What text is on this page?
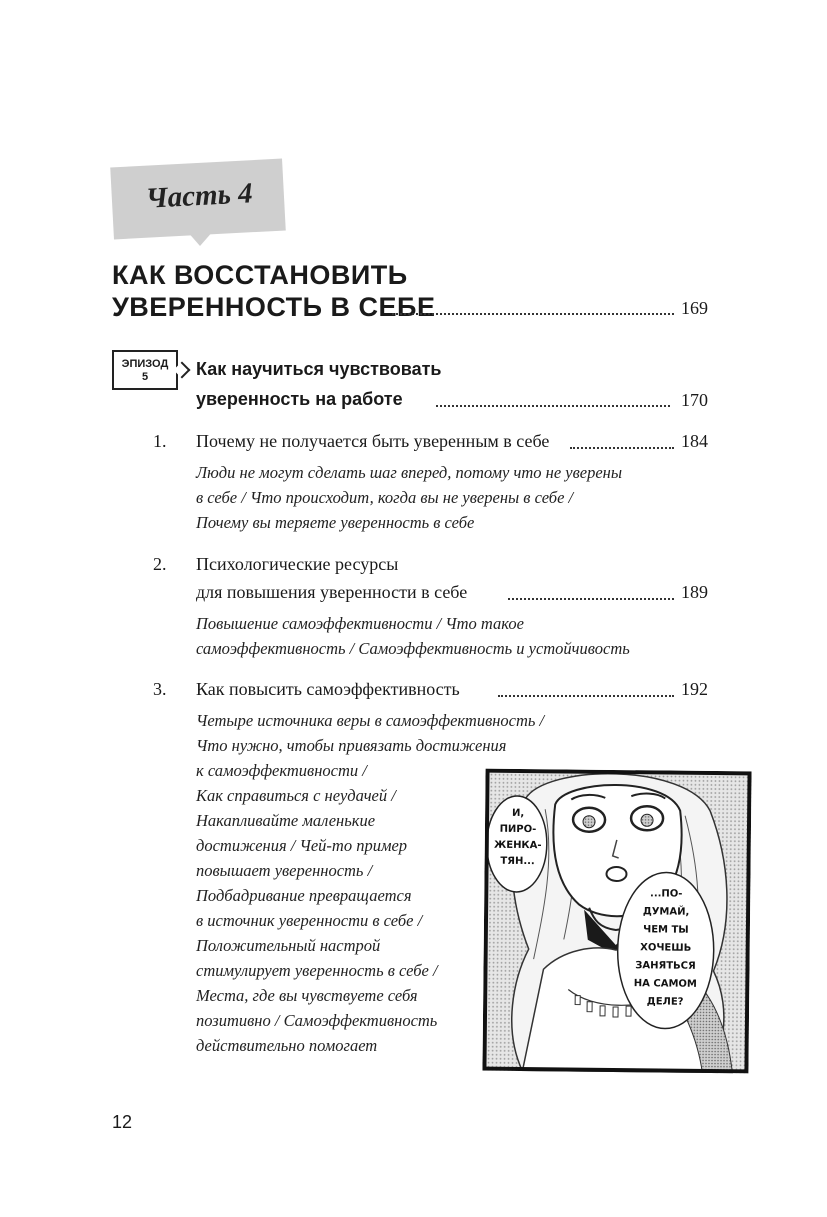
Часть 4
КАК ВОССТАНОВИТЬ
УВЕРЕННОСТЬ В СЕБЕ	169
ЭПИЗОД
5	Как научиться чувствовать
уверенность на работе	170
1. Почему не получается быть уверенным в себе	184
Люди не могут сделать шаг вперед, потому что не уверены
в себе / Что происходит, когда вы не уверены в себе /
Почему вы теряете уверенность в себе
2. Психологические ресурсы
для повышения уверенности в себе	189
Повышение самоэффективности / Что такое
самоэффективность / Самоэффективность и устойчивость
3. Как повысить самоэффективность	192
Четыре источника веры в самоэффективность /
Что нужно, чтобы привязать достижения
к самоэффективности /
Как справиться с неудачей /
Накапливайте маленькие
достижения / Чей-то пример
повышает уверенность /
Подбадривание превращается
в источник уверенности в себе /
Положительный настрой
стимулирует уверенность в себе /
Места, где вы чувствуете себя
позитивно / Самоэффективность
действительно помогает
И,
ПИРО-
ЖЕНКА-
ТЯН...
...ПО-
ДУМАЙ,
ЧЕМ ТЫ
ХОЧЕШЬ
ЗАНЯТЬСЯ
НА САМОМ
ДЕЛЕ?
12
